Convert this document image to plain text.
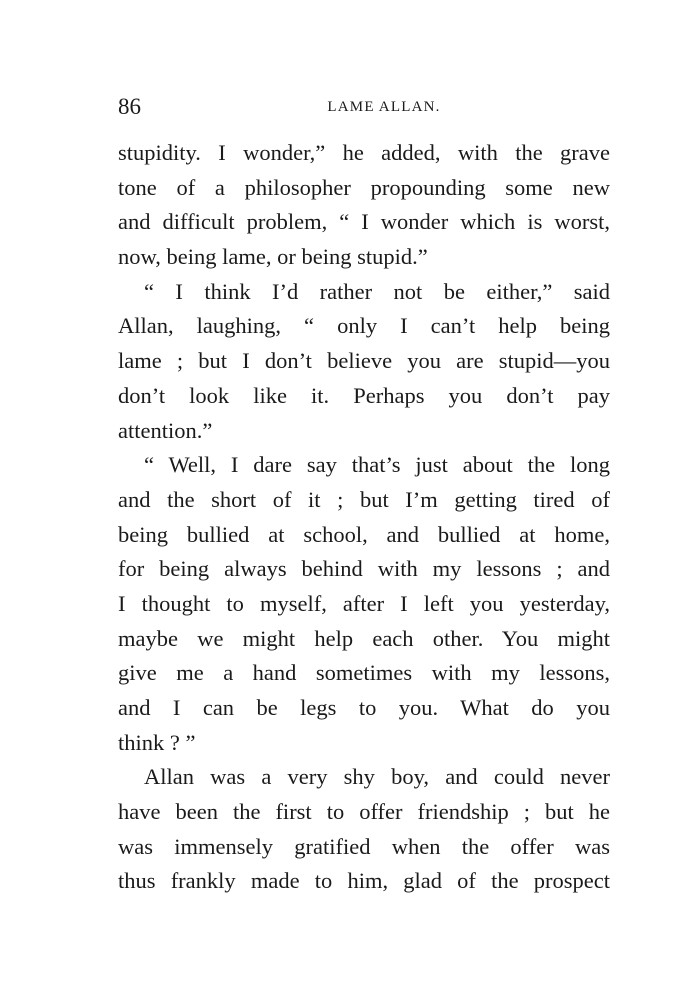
86	LAME ALLAN.
stupidity. I wonder,” he added, with the grave
tone of a philosopher propounding some new
and difficult problem, “ I wonder which is worst,
now, being lame, or being stupid.”
“ I think I’d rather not be either,” said
Allan, laughing, “ only I can’t help being
lame ; but I don’t believe you are stupid—you
don’t look like it. Perhaps you don’t pay
attention.”
“ Well, I dare say that’s just about the long
and the short of it ; but I’m getting tired of
being bullied at school, and bullied at home,
for being always behind with my lessons ; and
I thought to myself, after I left you yesterday,
maybe we might help each other. You might
give me a hand sometimes with my lessons,
and I can be legs to you. What do you
think ? ”
Allan was a very shy boy, and could never
have been the first to offer friendship ; but he
was immensely gratified when the offer was
thus frankly made to him, glad of the prospect
